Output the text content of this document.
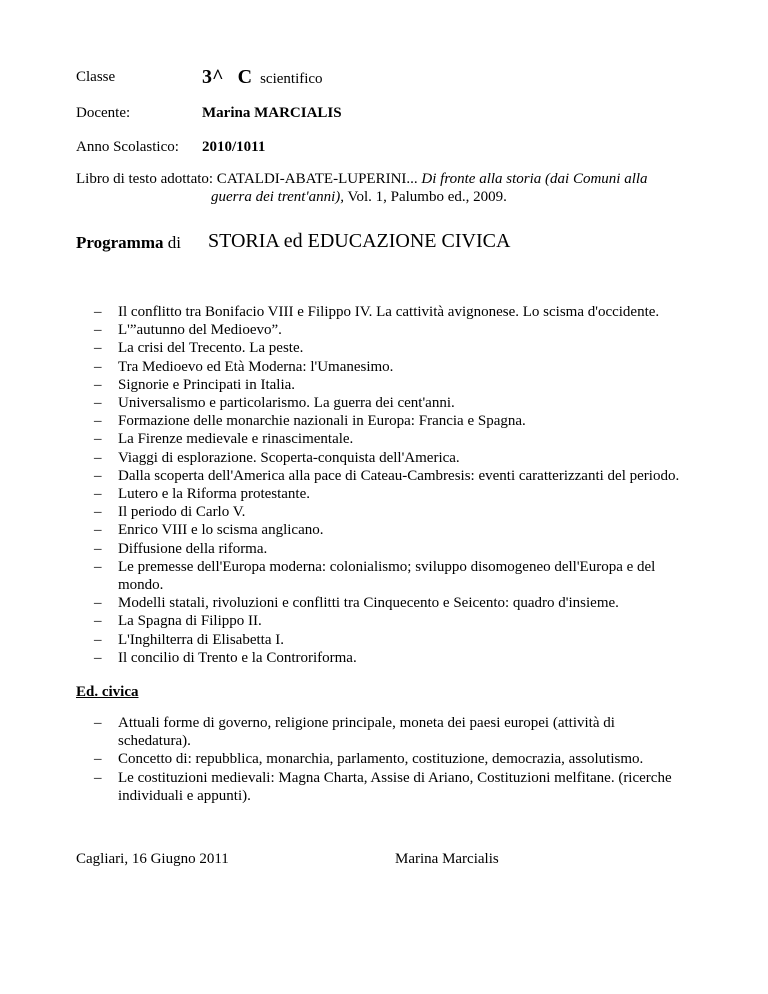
Classe	3^ C scientifico
Docente:	Marina MARCIALIS
Anno Scolastico: 2010/1011
Libro di testo adottato: CATALDI-ABATE-LUPERINI... Di fronte alla storia (dai Comuni alla
guerra dei trent'anni), Vol. 1, Palumbo ed., 2009.
Programma di STORIA ed EDUCAZIONE CIVICA
– Il conflitto tra Bonifacio VIII e Filippo IV. La cattività avignonese. Lo scisma d'occidente.
– L'”autunno del Medioevo”.
– La crisi del Trecento. La peste.
– Tra Medioevo ed Età Moderna: l'Umanesimo.
– Signorie e Principati in Italia.
– Universalismo e particolarismo. La guerra dei cent'anni.
– Formazione delle monarchie nazionali in Europa: Francia e Spagna.
– La Firenze medievale e rinascimentale.
– Viaggi di esplorazione. Scoperta-conquista dell'America.
– Dalla scoperta dell'America alla pace di Cateau-Cambresis: eventi caratterizzanti del periodo.
– Lutero e la Riforma protestante.
– Il periodo di Carlo V.
– Enrico VIII e lo scisma anglicano.
– Diffusione della riforma.
– Le premesse dell'Europa moderna: colonialismo; sviluppo disomogeneo dell'Europa e del mondo.
– Modelli statali, rivoluzioni e conflitti tra Cinquecento e Seicento: quadro d'insieme.
– La Spagna di Filippo II.
– L'Inghilterra di Elisabetta I.
– Il concilio di Trento e la Controriforma.
Ed. civica
– Attuali forme di governo, religione principale, moneta dei paesi europei (attività di schedatura).
– Concetto di: repubblica, monarchia, parlamento, costituzione, democrazia, assolutismo.
– Le costituzioni medievali: Magna Charta, Assise di Ariano, Costituzioni melfitane. (ricerche individuali e appunti).
Cagliari, 16 Giugno 2011	Marina Marcialis
